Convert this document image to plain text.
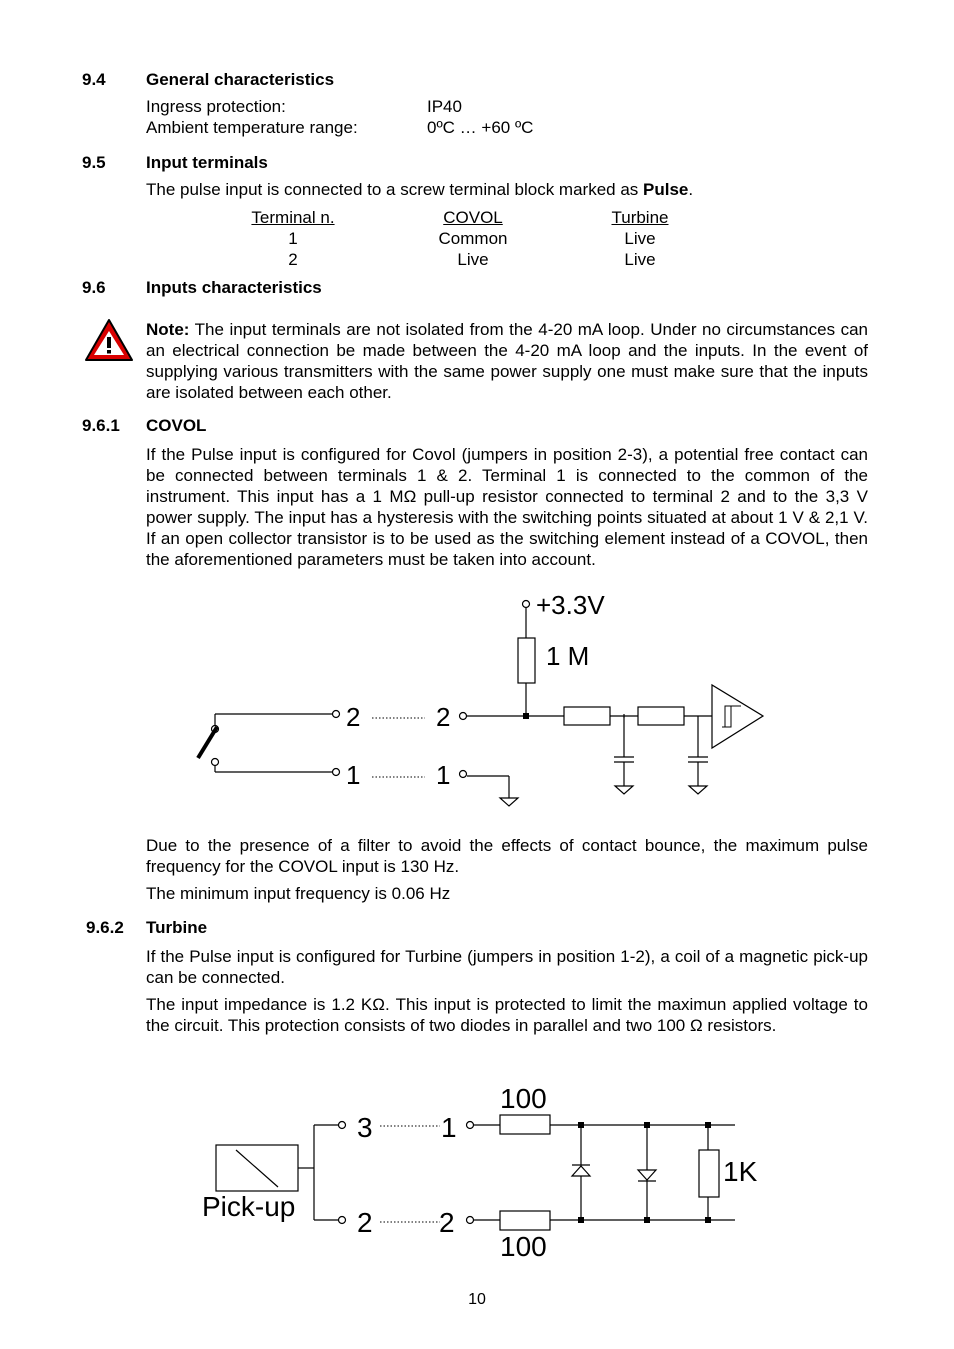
9.4 General characteristics
Ingress protection:	IP40
Ambient temperature range:	0ºC … +60 ºC
9.5 Input terminals
The pulse input is connected to a screw terminal block marked as Pulse.
Terminal n.	COVOL	Turbine
1	Common	Live
2	Live	Live
9.6 Inputs characteristics
Note: The input terminals are not isolated from the 4-20 mA loop. Under no circumstances can an electrical connection be made between the 4-20 mA loop and the inputs. In the event of supplying various transmitters with the same power supply one must make sure that the inputs are isolated between each other.
9.6.1 COVOL
If the Pulse input is configured for Covol (jumpers in position 2-3), a potential free contact can be connected between terminals 1 & 2. Terminal 1 is connected to the common of the instrument. This input has a 1 MΩ pull-up resistor connected to terminal 2 and to the 3,3 V power supply. The input has a hysteresis with the switching points situated at about 1 V & 2,1 V. If an open collector transistor is to be used as the switching element instead of a COVOL, then the aforementioned parameters must be taken into account.
Due to the presence of a filter to avoid the effects of contact bounce, the maximum pulse frequency for the COVOL input is 130 Hz.
The minimum input frequency is 0.06 Hz
9.6.2 Turbine
If the Pulse input is configured for Turbine (jumpers in position 1-2), a coil of a magnetic pick-up can be connected.
The input impedance is 1.2 KΩ. This input is protected to limit the maximun applied voltage to the circuit. This protection consists of two diodes in parallel and two 100 Ω resistors.
10
+3.3V
1 M
2	2
1	1
100
100
1K
Pick-up
3 1
2 2
